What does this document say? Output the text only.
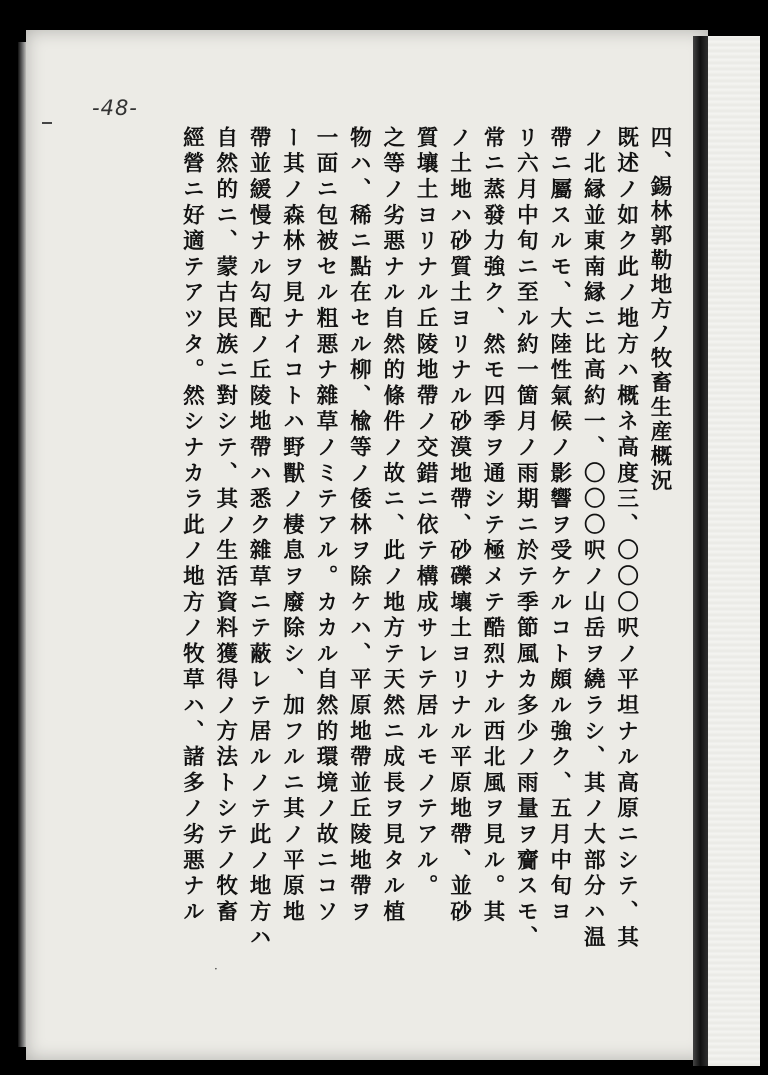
-48-
四、錫林郭勒地方ノ牧畜生産概況
既述ノ如ク此ノ地方ハ概ネ高度三、〇〇〇呎ノ平坦ナル高原ニシテ、其
ノ北縁並東南縁ニ比高約一、〇〇〇呎ノ山岳ヲ繞ラシ、其ノ大部分ハ温
帶ニ屬スルモ、大陸性氣候ノ影響ヲ受ケルコト頗ル強ク、五月中旬ヨ
リ六月中旬ニ至ル約一箇月ノ雨期ニ於テ季節風カ多少ノ雨量ヲ齎スモ、
常ニ蒸發力強ク、然モ四季ヲ通シテ極メテ酷烈ナル西北風ヲ見ル。其
ノ土地ハ砂質土ヨリナル砂漠地帶、砂礫壤土ヨリナル平原地帶、並砂
質壤土ヨリナル丘陵地帶ノ交錯ニ依テ構成サレテ居ルモノテアル。
之等ノ劣悪ナル自然的條件ノ故ニ、此ノ地方テ天然ニ成長ヲ見タル植
物ハ、稀ニ點在セル柳、楡等ノ倭林ヲ除ケハ、平原地帶並丘陵地帶ヲ
一面ニ包被セル粗悪ナ雜草ノミテアル。カカル自然的環境ノ故ニコソ
ー其ノ森林ヲ見ナイコトハ野獸ノ棲息ヲ廢除シ、加フルニ其ノ平原地
帶並緩慢ナル勾配ノ丘陵地帶ハ悉ク雜草ニテ蔽レテ居ルノテ此ノ地方ハ
自然的ニ、蒙古民族ニ對シテ、其ノ生活資料獲得ノ方法トシテノ牧畜
經營ニ好適テアツタ。然シナカラ此ノ地方ノ牧草ハ、諸多ノ劣悪ナル
·
